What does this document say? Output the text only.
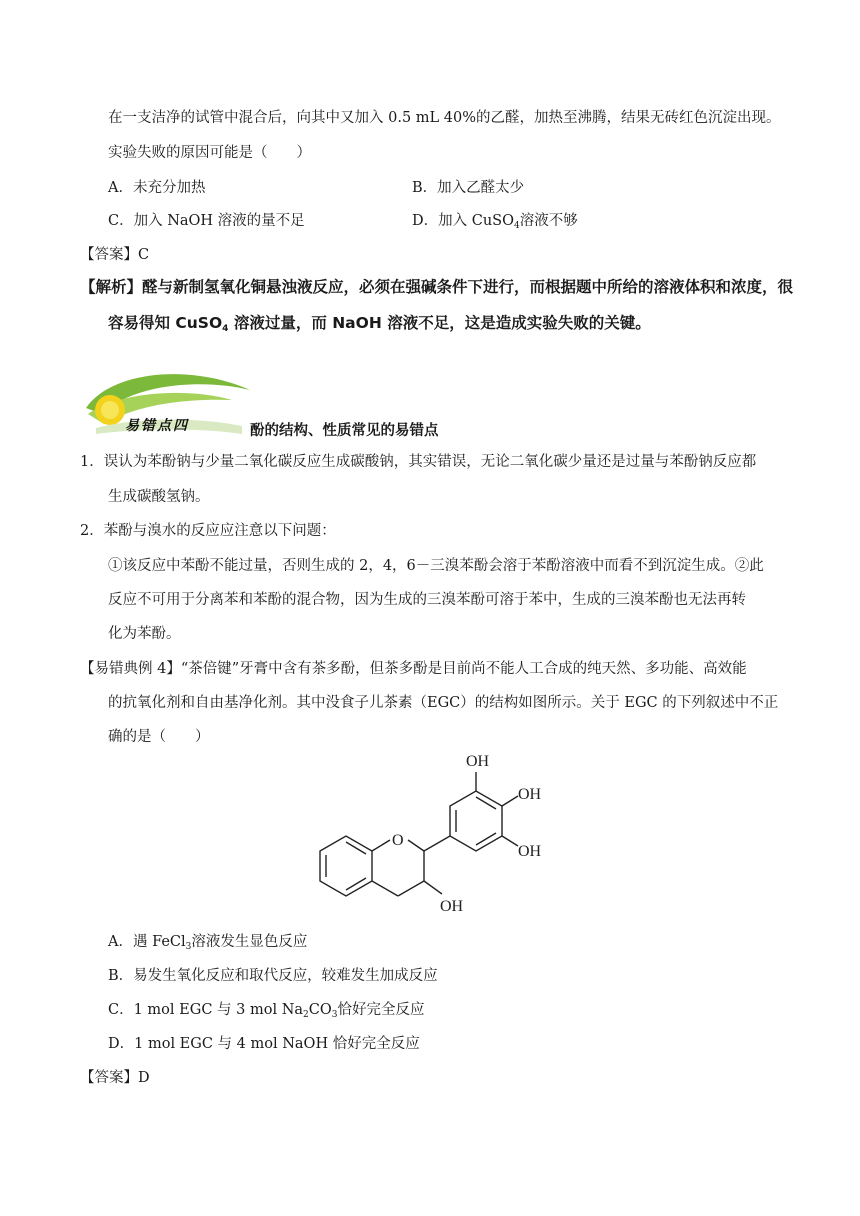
在一支洁净的试管中混合后，向其中又加入 0.5 mL 40%的乙醛，加热至沸腾，结果无砖红色沉淀出现。
实验失败的原因可能是（　　）
A．未充分加热	B．加入乙醛太少
C．加入 NaOH 溶液的量不足	D．加入 CuSO$_4$溶液不够
【答案】C
【解析】醛与新制氢氧化铜悬浊液反应，必须在强碱条件下进行，而根据题中所给的溶液体积和浓度，很
容易得知 CuSO$_4$ 溶液过量，而 NaOH 溶液不足，这是造成实验失败的关键。
易错点四	酚的结构、性质常见的易错点
1．误认为苯酚钠与少量二氧化碳反应生成碳酸钠，其实错误，无论二氧化碳少量还是过量与苯酚钠反应都
生成碳酸氢钠。
2．苯酚与溴水的反应应注意以下问题：
①该反应中苯酚不能过量，否则生成的 2，4，6－三溴苯酚会溶于苯酚溶液中而看不到沉淀生成。②此
反应不可用于分离苯和苯酚的混合物，因为生成的三溴苯酚可溶于苯中，生成的三溴苯酚也无法再转
化为苯酚。
【易错典例 4】“茶倍键”牙膏中含有茶多酚，但茶多酚是目前尚不能人工合成的纯天然、多功能、高效能
的抗氧化剂和自由基净化剂。其中没食子儿茶素（EGC）的结构如图所示。关于 EGC 的下列叙述中不正
确的是（　　）
O
OH
OH
OH
OH
A．遇 FeCl$_3$溶液发生显色反应
B．易发生氧化反应和取代反应，较难发生加成反应
C．1 mol EGC 与 3 mol $Na_2CO_3$恰好完全反应
D．1 mol EGC 与 4 mol NaOH 恰好完全反应
【答案】D
